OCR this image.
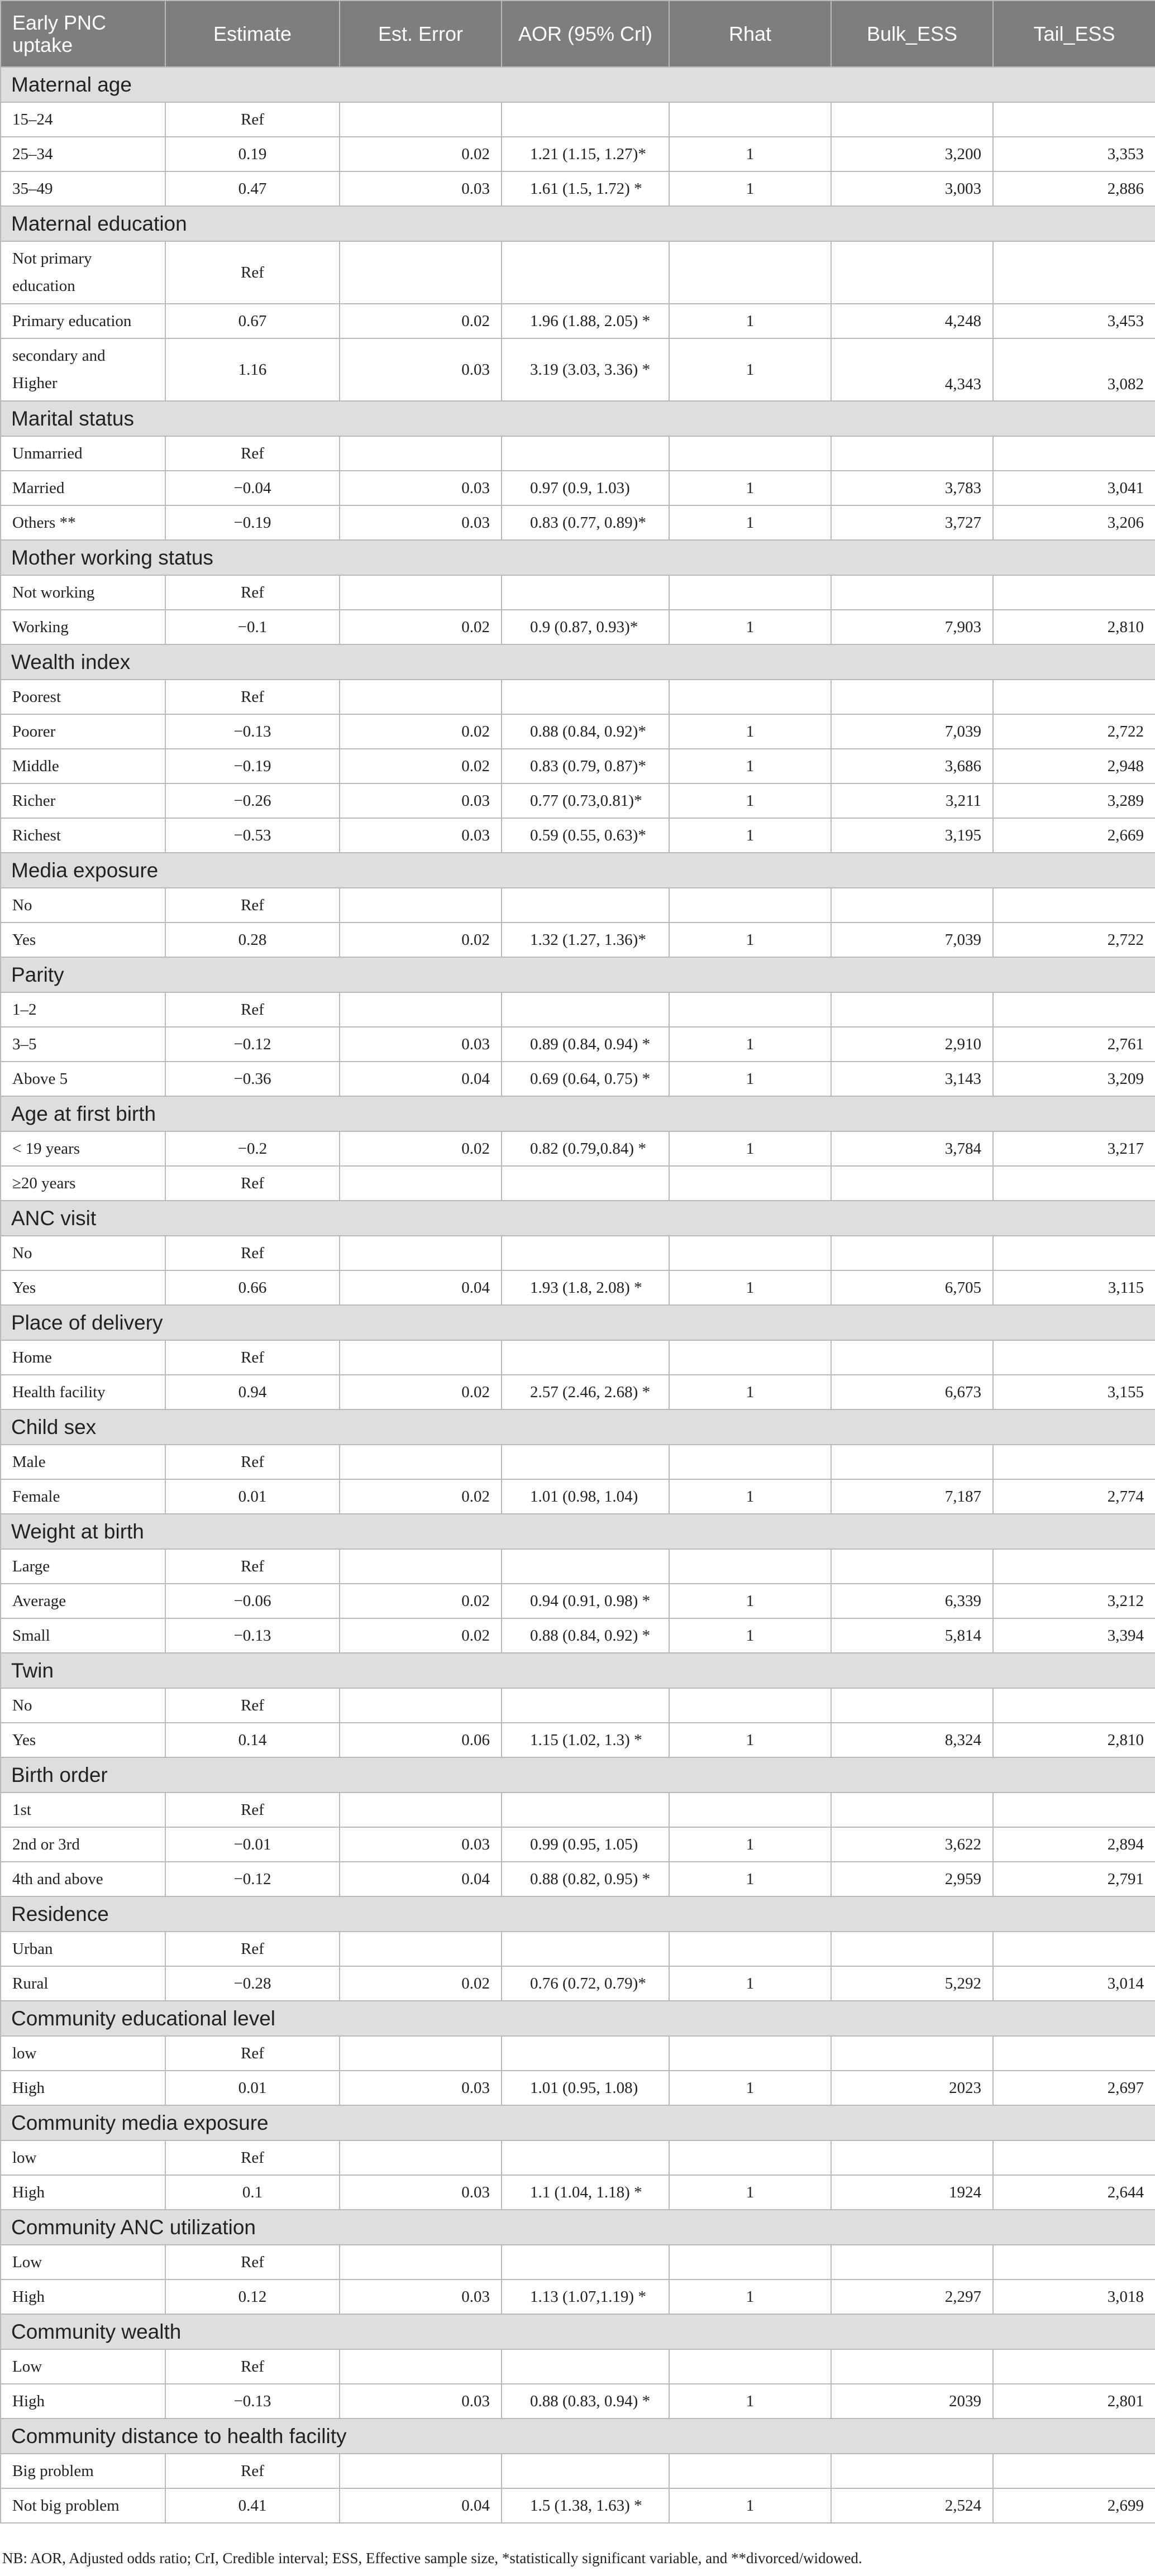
Early PNC uptake	Estimate	Est. Error	AOR (95% Crl)	Rhat	Bulk_ESS	Tail_ESS
Maternal age						
15–24	Ref					
25–34	0.19	0.02	1.21 (1.15, 1.27)*	1	3,200	3,353
35–49	0.47	0.03	1.61 (1.5, 1.72) *	1	3,003	2,886
Maternal education						
Not primary education	Ref					
Primary education	0.67	0.02	1.96 (1.88, 2.05) *	1	4,248	3,453
secondary and Higher	1.16	0.03	3.19 (3.03, 3.36) *	1	4,343	3,082
Marital status						
Unmarried	Ref					
Married	−0.04	0.03	0.97 (0.9, 1.03)	1	3,783	3,041
Others **	−0.19	0.03	0.83 (0.77, 0.89)*	1	3,727	3,206
Mother working status						
Not working	Ref					
Working	−0.1	0.02	0.9 (0.87, 0.93)*	1	7,903	2,810
Wealth index						
Poorest	Ref					
Poorer	−0.13	0.02	0.88 (0.84, 0.92)*	1	7,039	2,722
Middle	−0.19	0.02	0.83 (0.79, 0.87)*	1	3,686	2,948
Richer	−0.26	0.03	0.77 (0.73,0.81)*	1	3,211	3,289
Richest	−0.53	0.03	0.59 (0.55, 0.63)*	1	3,195	2,669
Media exposure						
No	Ref					
Yes	0.28	0.02	1.32 (1.27, 1.36)*	1	7,039	2,722
Parity						
1–2	Ref					
3–5	−0.12	0.03	0.89 (0.84, 0.94) *	1	2,910	2,761
Above 5	−0.36	0.04	0.69 (0.64, 0.75) *	1	3,143	3,209
Age at first birth						
< 19 years	−0.2	0.02	0.82 (0.79,0.84) *	1	3,784	3,217
≥20 years	Ref					
ANC visit						
No	Ref					
Yes	0.66	0.04	1.93 (1.8, 2.08) *	1	6,705	3,115
Place of delivery						
Home	Ref					
Health facility	0.94	0.02	2.57 (2.46, 2.68) *	1	6,673	3,155
Child sex						
Male	Ref					
Female	0.01	0.02	1.01 (0.98, 1.04)	1	7,187	2,774
Weight at birth						
Large	Ref					
Average	−0.06	0.02	0.94 (0.91, 0.98) *	1	6,339	3,212
Small	−0.13	0.02	0.88 (0.84, 0.92) *	1	5,814	3,394
Twin						
No	Ref					
Yes	0.14	0.06	1.15 (1.02, 1.3) *	1	8,324	2,810
Birth order						
1st	Ref					
2nd or 3rd	−0.01	0.03	0.99 (0.95, 1.05)	1	3,622	2,894
4th and above	−0.12	0.04	0.88 (0.82, 0.95) *	1	2,959	2,791
Residence						
Urban	Ref					
Rural	−0.28	0.02	0.76 (0.72, 0.79)*	1	5,292	3,014
Community educational level						
low	Ref					
High	0.01	0.03	1.01 (0.95, 1.08)	1	2023	2,697
Community media exposure						
low	Ref					
High	0.1	0.03	1.1 (1.04, 1.18) *	1	1924	2,644
Community ANC utilization						
Low	Ref					
High	0.12	0.03	1.13 (1.07,1.19) *	1	2,297	3,018
Community wealth						
Low	Ref					
High	−0.13	0.03	0.88 (0.83, 0.94) *	1	2039	2,801
Community distance to health facility						
Big problem	Ref					
Not big problem	0.41	0.04	1.5 (1.38, 1.63) *	1	2,524	2,699
NB: AOR, Adjusted odds ratio; CrI, Credible interval; ESS, Effective sample size, *statistically significant variable, and **divorced/widowed.
